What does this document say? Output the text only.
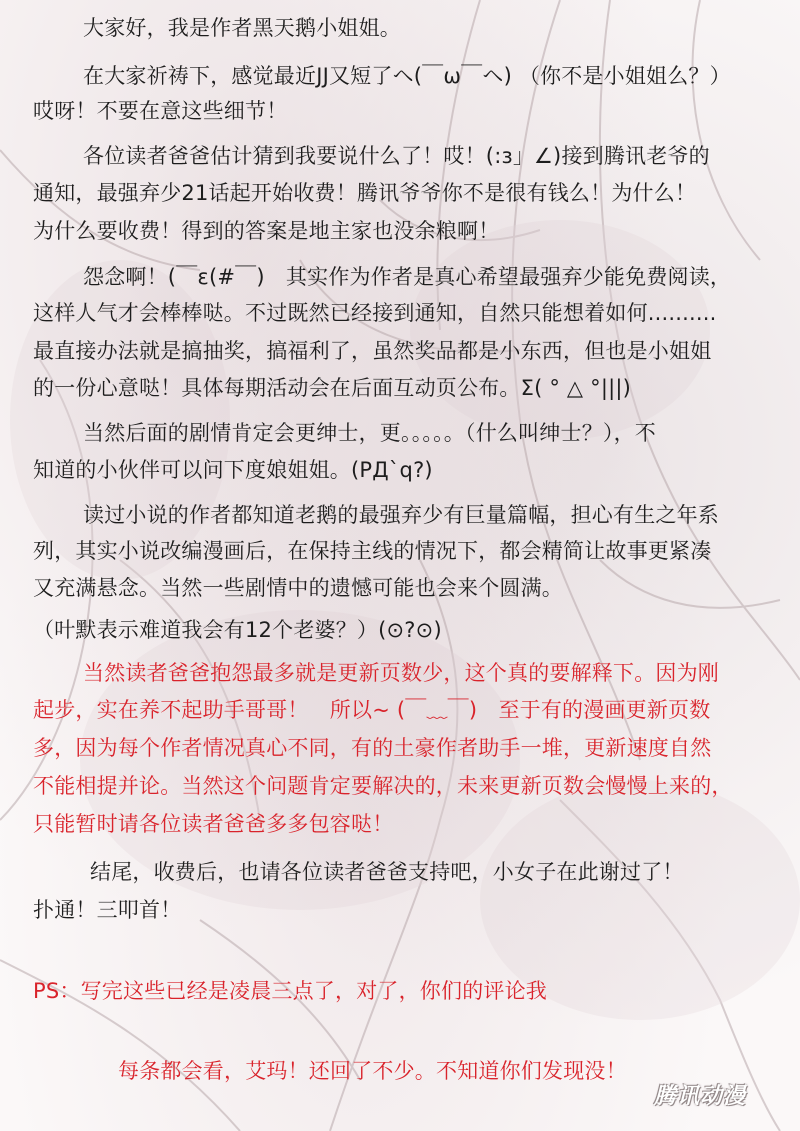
大家好，我是作者黑天鹅小姐姐。
在大家祈祷下，感觉最近JJ又短了ヘ(￣ω￣ヘ) （你不是小姐姐么？）
哎呀！不要在意这些细节！
各位读者爸爸估计猜到我要说什么了！哎！(:з」∠)接到腾讯老爷的
通知，最强弃少21话起开始收费！腾讯爷爷你不是很有钱么！为什么！
为什么要收费！得到的答案是地主家也没余粮啊！
怨念啊！(￣ε(#￣)　其实作为作者是真心希望最强弃少能免费阅读，
这样人气才会棒棒哒。不过既然已经接到通知，自然只能想着如何..........
最直接办法就是搞抽奖，搞福利了，虽然奖品都是小东西，但也是小姐姐
的一份心意哒！具体每期活动会在后面互动页公布。Σ( ° △ °|||)
当然后面的剧情肯定会更绅士，更。。。。。（什么叫绅士？），不
知道的小伙伴可以问下度娘姐姐。(PД`q?)
读过小说的作者都知道老鹅的最强弃少有巨量篇幅，担心有生之年系
列，其实小说改编漫画后，在保持主线的情况下，都会精简让故事更紧凑
又充满悬念。当然一些剧情中的遗憾可能也会来个圆满。
（叶默表示难道我会有12个老婆？）(⊙?⊙)
当然读者爸爸抱怨最多就是更新页数少，这个真的要解释下。因为刚
起步，实在养不起助手哥哥！　所以~ (￣﹏￣)　至于有的漫画更新页数
多，因为每个作者情况真心不同，有的土豪作者助手一堆，更新速度自然
不能相提并论。当然这个问题肯定要解决的，未来更新页数会慢慢上来的，
只能暂时请各位读者爸爸多多包容哒！
结尾，收费后，也请各位读者爸爸支持吧，小女子在此谢过了！
扑通！三叩首！
PS：写完这些已经是凌晨三点了，对了，你们的评论我
每条都会看，艾玛！还回了不少。不知道你们发现没！
腾讯动漫
